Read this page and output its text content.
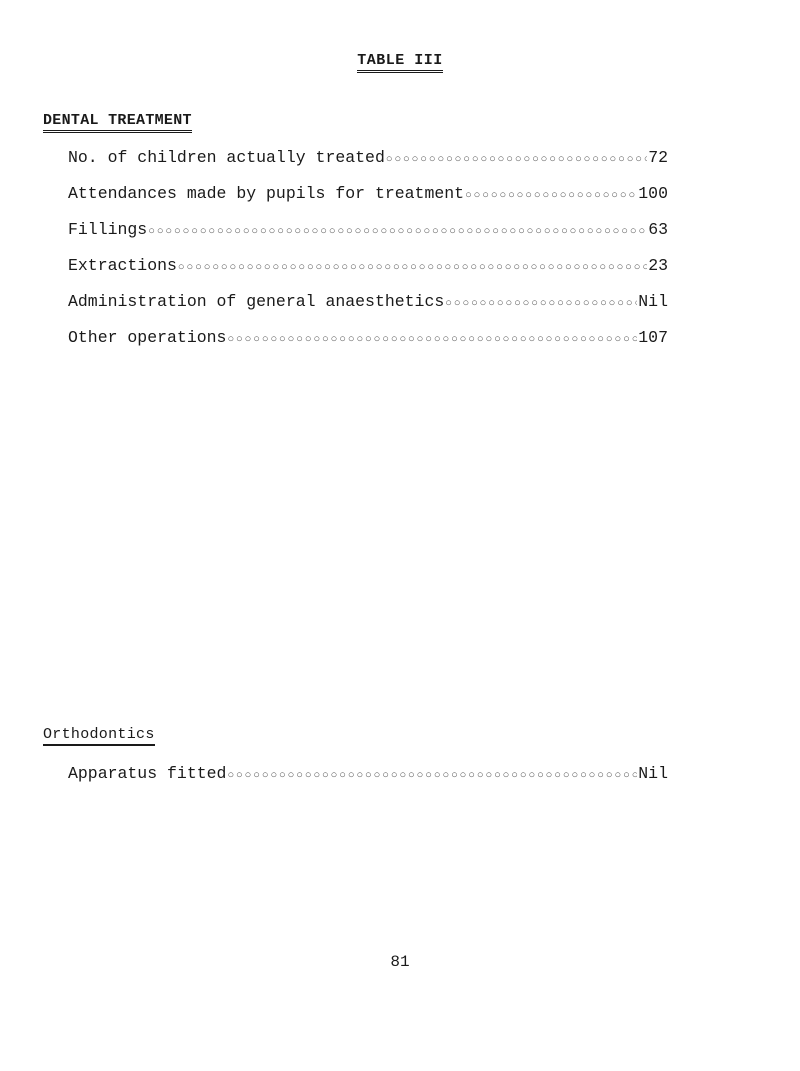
TABLE III
DENTAL TREATMENT
No. of children actually treated ○○○○○○○○○○○○○○○○○○○○○○○○○○○○○○○○○○○○○○○○○○○○○○○○○○○○○○○○○○○○○○○○○○○○○○○○○○○○○○○○○○○○	72
Attendances made by pupils for treatment ○○○○○○○○○○○○○○○○○○○○○○○○○○○○○○○○○○○○○○○○○○○○○○○○○○○○○○○○○○○○○○○○○○○○○○○○○○○○○○○○○○○○	100
Fillings ○○○○○○○○○○○○○○○○○○○○○○○○○○○○○○○○○○○○○○○○○○○○○○○○○○○○○○○○○○○○○○○○○○○○○○○○○○○○○○○○○○○○	63
Extractions ○○○○○○○○○○○○○○○○○○○○○○○○○○○○○○○○○○○○○○○○○○○○○○○○○○○○○○○○○○○○○○○○○○○○○○○○○○○○○○○○○○○○	23
Administration of general anaesthetics ○○○○○○○○○○○○○○○○○○○○○○○○○○○○○○○○○○○○○○○○○○○○○○○○○○○○○○○○○○○○○○○○○○○○○○○○○○○○○○○○○○○○	Nil
Other operations ○○○○○○○○○○○○○○○○○○○○○○○○○○○○○○○○○○○○○○○○○○○○○○○○○○○○○○○○○○○○○○○○○○○○○○○○○○○○○○○○○○○○	107
Orthodontics
Apparatus fitted ○○○○○○○○○○○○○○○○○○○○○○○○○○○○○○○○○○○○○○○○○○○○○○○○○○○○○○○○○○○○○○○○○○○○○○○○○○○○○○○○○○○○	Nil
81
